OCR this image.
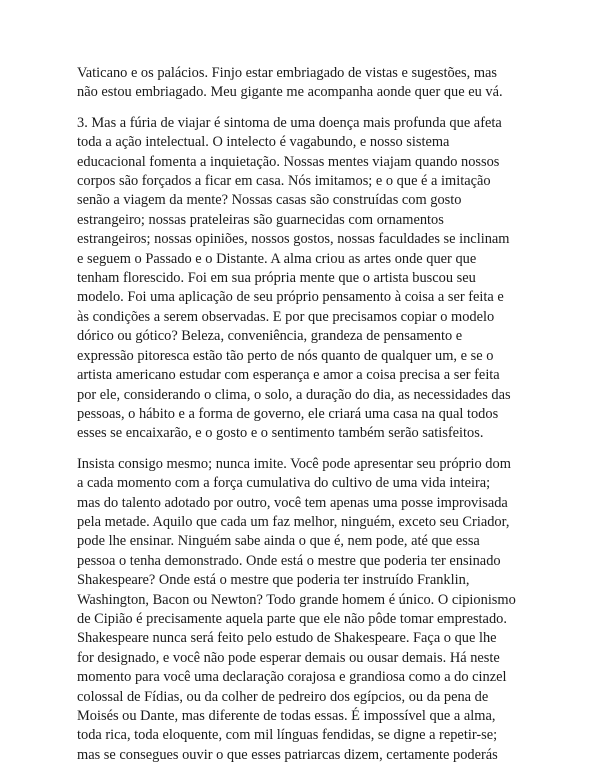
Vaticano e os palácios. Finjo estar embriagado de vistas e sugestões, mas
não estou embriagado. Meu gigante me acompanha aonde quer que eu vá.

3. Mas a fúria de viajar é sintoma de uma doença mais profunda que afeta
toda a ação intelectual. O intelecto é vagabundo, e nosso sistema
educacional fomenta a inquietação. Nossas mentes viajam quando nossos
corpos são forçados a ficar em casa. Nós imitamos; e o que é a imitação
senão a viagem da mente? Nossas casas são construídas com gosto
estrangeiro; nossas prateleiras são guarnecidas com ornamentos
estrangeiros; nossas opiniões, nossos gostos, nossas faculdades se inclinam
e seguem o Passado e o Distante. A alma criou as artes onde quer que
tenham florescido. Foi em sua própria mente que o artista buscou seu
modelo. Foi uma aplicação de seu próprio pensamento à coisa a ser feita e
às condições a serem observadas. E por que precisamos copiar o modelo
dórico ou gótico? Beleza, conveniência, grandeza de pensamento e
expressão pitoresca estão tão perto de nós quanto de qualquer um, e se o
artista americano estudar com esperança e amor a coisa precisa a ser feita
por ele, considerando o clima, o solo, a duração do dia, as necessidades das
pessoas, o hábito e a forma de governo, ele criará uma casa na qual todos
esses se encaixarão, e o gosto e o sentimento também serão satisfeitos.

Insista consigo mesmo; nunca imite. Você pode apresentar seu próprio dom
a cada momento com a força cumulativa do cultivo de uma vida inteira;
mas do talento adotado por outro, você tem apenas uma posse improvisada
pela metade. Aquilo que cada um faz melhor, ninguém, exceto seu Criador,
pode lhe ensinar. Ninguém sabe ainda o que é, nem pode, até que essa
pessoa o tenha demonstrado. Onde está o mestre que poderia ter ensinado
Shakespeare? Onde está o mestre que poderia ter instruído Franklin,
Washington, Bacon ou Newton? Todo grande homem é único. O cipionismo
de Cipião é precisamente aquela parte que ele não pôde tomar emprestado.
Shakespeare nunca será feito pelo estudo de Shakespeare. Faça o que lhe
for designado, e você não pode esperar demais ou ousar demais. Há neste
momento para você uma declaração corajosa e grandiosa como a do cinzel
colossal de Fídias, ou da colher de pedreiro dos egípcios, ou da pena de
Moisés ou Dante, mas diferente de todas essas. É impossível que a alma,
toda rica, toda eloquente, com mil línguas fendidas, se digne a repetir-se;
mas se consegues ouvir o que esses patriarcas dizem, certamente poderás
